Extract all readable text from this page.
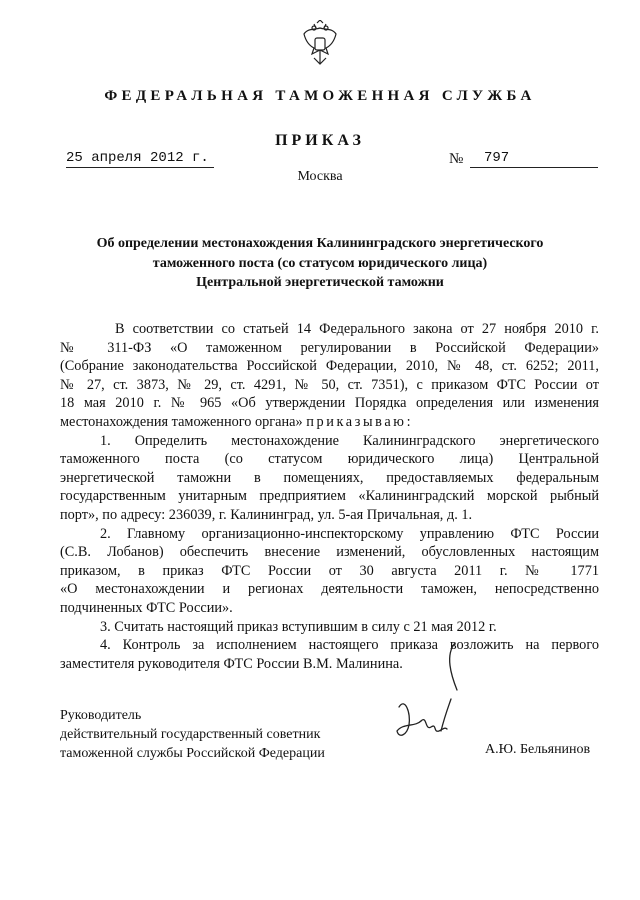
ФЕДЕРАЛЬНАЯ ТАМОЖЕННАЯ СЛУЖБА
ПРИКАЗ
25 апреля 2012 г.	№ 797
Москва
Об определении местонахождения Калининградского энергетического
таможенного поста (со статусом юридического лица)
Центральной энергетической таможни
В соответствии со статьей 14 Федерального закона от 27 ноября 2010 г.
№ 311-ФЗ «О таможенном регулировании в Российской Федерации»
(Собрание законодательства Российской Федерации, 2010, № 48, ст. 6252; 2011,
№ 27, ст. 3873, № 29, ст. 4291, № 50, ст. 7351), с приказом ФТС России от
18 мая 2010 г. № 965 «Об утверждении Порядка определения или изменения
местонахождения таможенного органа» приказываю:
1. Определить местонахождение Калининградского энергетического
таможенного поста (со статусом юридического лица) Центральной
энергетической таможни в помещениях, предоставляемых федеральным
государственным унитарным предприятием «Калининградский морской рыбный
порт», по адресу: 236039, г. Калининград, ул. 5-ая Причальная, д. 1.
2. Главному организационно-инспекторскому управлению ФТС России
(С.В. Лобанов) обеспечить внесение изменений, обусловленных настоящим
приказом, в приказ ФТС России от 30 августа 2011 г. № 1771
«О местонахождении и регионах деятельности таможен, непосредственно
подчиненных ФТС России».
3. Считать настоящий приказ вступившим в силу с 21 мая 2012 г.
4. Контроль за исполнением настоящего приказа возложить на первого
заместителя руководителя ФТС России В.М. Малинина.
Руководитель
действительный государственный советник
таможенной службы Российской Федерации	А.Ю. Бельянинов
